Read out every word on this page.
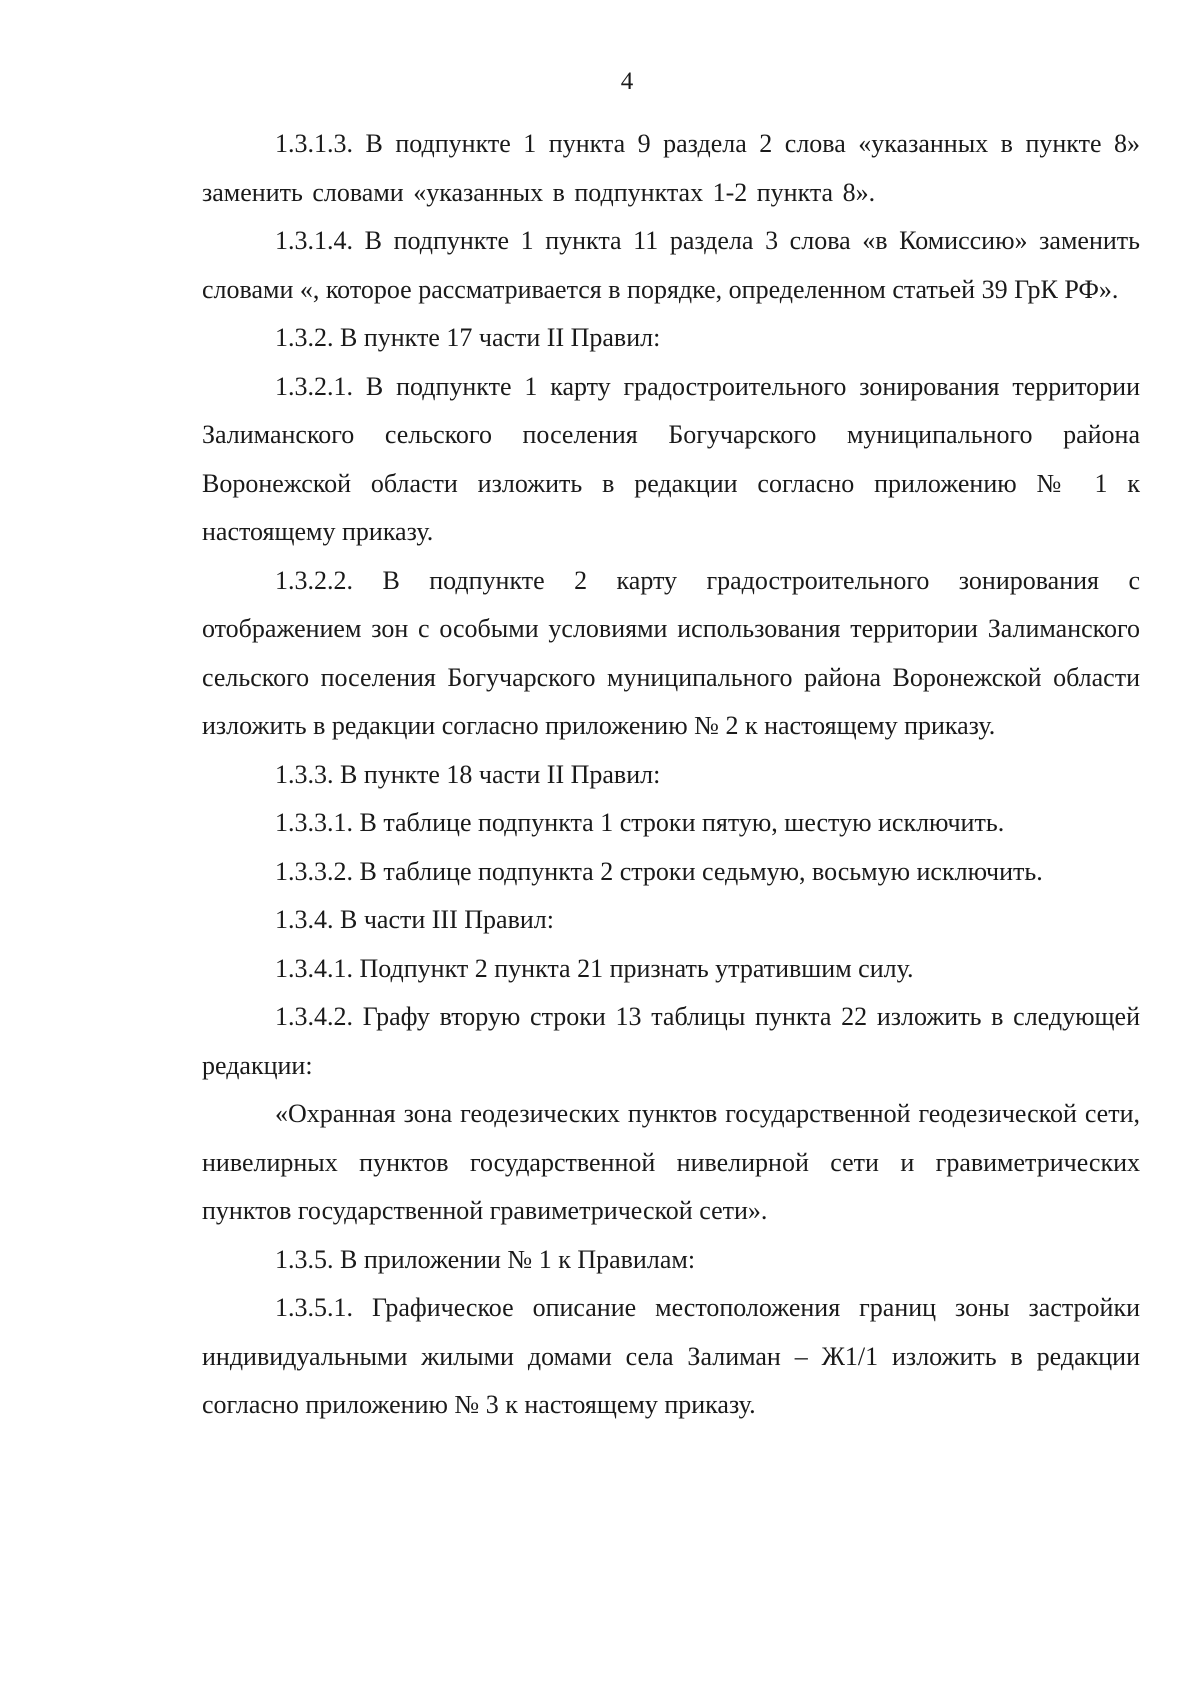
4

1.3.1.3. В подпункте 1 пункта 9 раздела 2 слова «указанных в пункте 8» заменить словами «указанных в подпунктах 1-2 пункта 8».

1.3.1.4. В подпункте 1 пункта 11 раздела 3 слова «в Комиссию» заменить словами «, которое рассматривается в порядке, определенном статьей 39 ГрК РФ».

1.3.2. В пункте 17 части II Правил:

1.3.2.1. В подпункте 1 карту градостроительного зонирования территории Залиманского сельского поселения Богучарского муниципального района Воронежской области изложить в редакции согласно приложению № 1 к настоящему приказу.

1.3.2.2. В подпункте 2 карту градостроительного зонирования с отображением зон с особыми условиями использования территории Залиманского сельского поселения Богучарского муниципального района Воронежской области изложить в редакции согласно приложению № 2 к настоящему приказу.

1.3.3. В пункте 18 части II Правил:

1.3.3.1. В таблице подпункта 1 строки пятую, шестую исключить.

1.3.3.2. В таблице подпункта 2 строки седьмую, восьмую исключить.

1.3.4. В части III Правил:

1.3.4.1. Подпункт 2 пункта 21 признать утратившим силу.

1.3.4.2. Графу вторую строки 13 таблицы пункта 22 изложить в следующей редакции:

«Охранная зона геодезических пунктов государственной геодезической сети, нивелирных пунктов государственной нивелирной сети и гравиметрических пунктов государственной гравиметрической сети».

1.3.5. В приложении № 1 к Правилам:

1.3.5.1. Графическое описание местоположения границ зоны застройки индивидуальными жилыми домами села Залиман – Ж1/1 изложить в редакции согласно приложению № 3 к настоящему приказу.
